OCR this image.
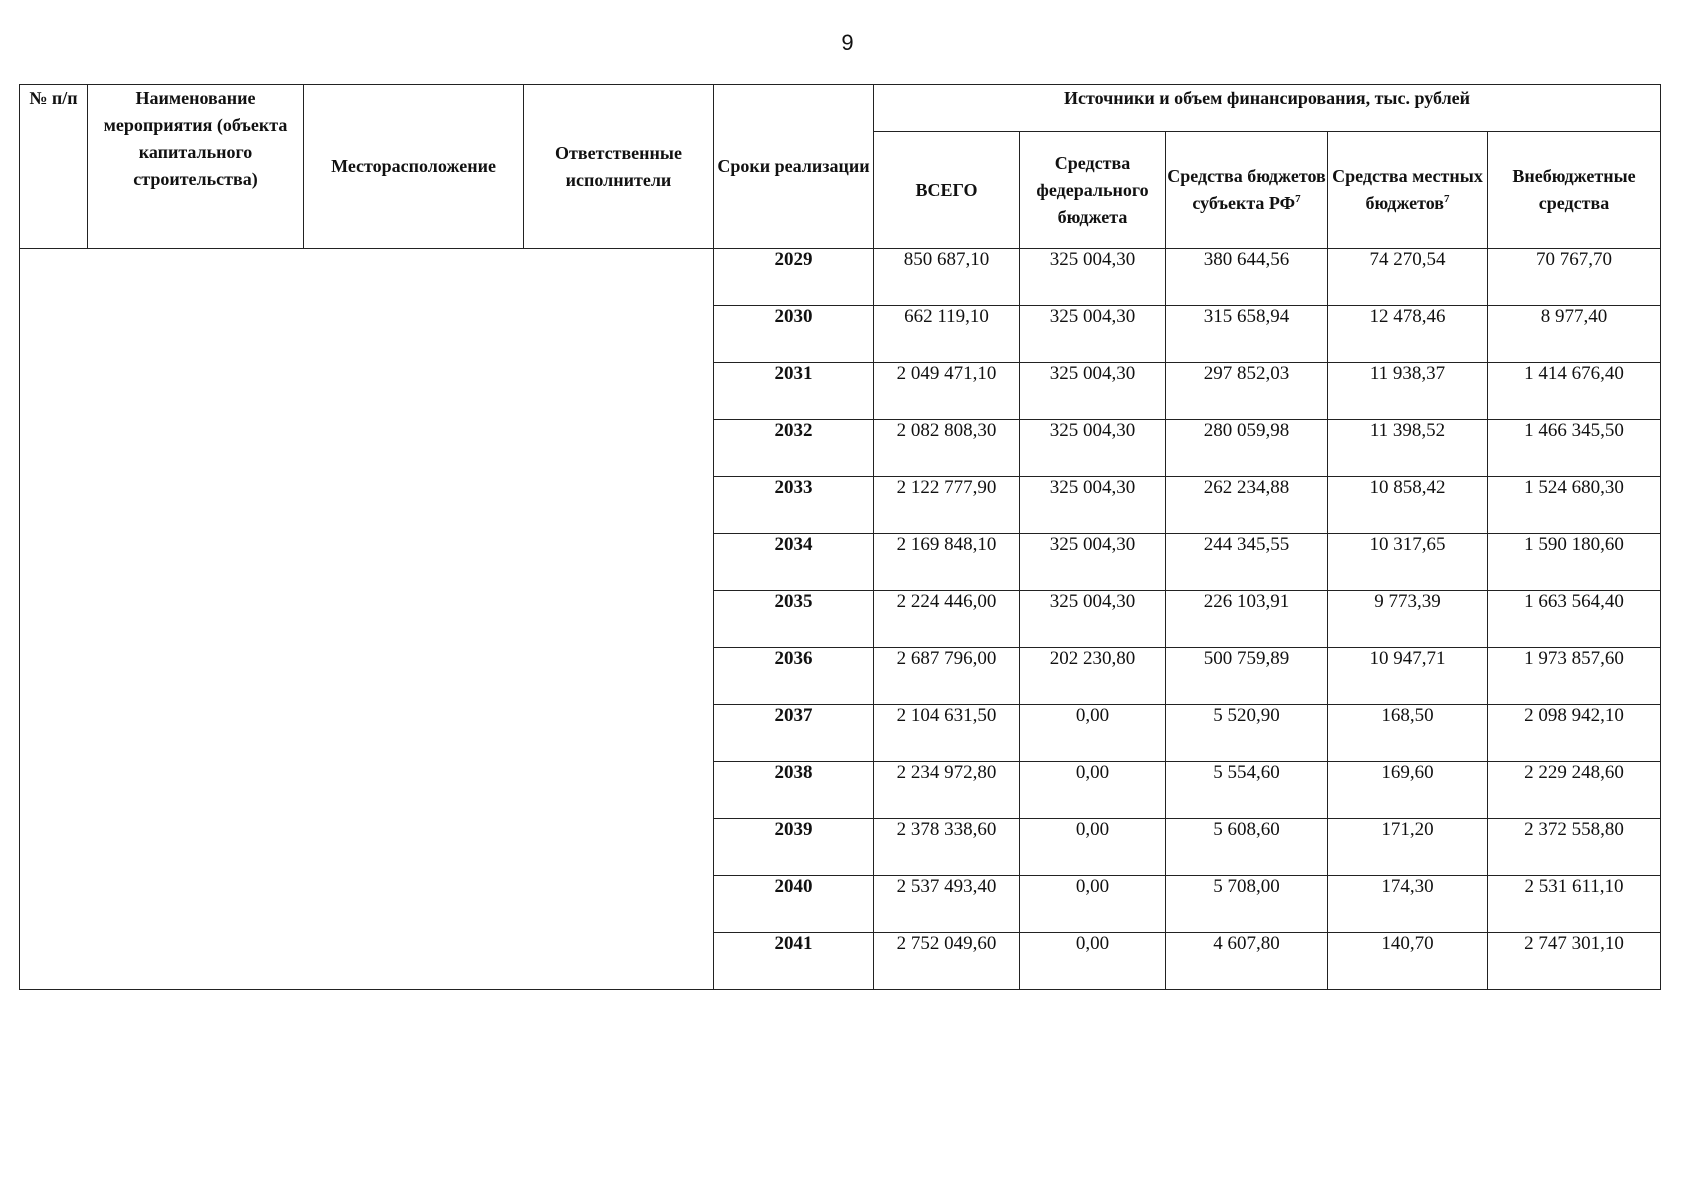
9
№ п/п	Наименование мероприятия (объекта капитального строительства)	Месторасположение	Ответственные исполнители	Сроки реализации	Источники и объем финансирования, тыс. рублей				
					ВСЕГО	Средства федерального бюджета	Средства бюджетов субъекта $РФ^7$	Средства местных бюджетов$^7$	Внебюджетные средства
				2029	850 687,10	325 004,30	380 644,56	74 270,54	70 767,70
				2030	662 119,10	325 004,30	315 658,94	12 478,46	8 977,40
				2031	2 049 471,10	325 004,30	297 852,03	11 938,37	1 414 676,40
				2032	2 082 808,30	325 004,30	280 059,98	11 398,52	1 466 345,50
				2033	2 122 777,90	325 004,30	262 234,88	10 858,42	1 524 680,30
				2034	2 169 848,10	325 004,30	244 345,55	10 317,65	1 590 180,60
				2035	2 224 446,00	325 004,30	226 103,91	9 773,39	1 663 564,40
				2036	2 687 796,00	202 230,80	500 759,89	10 947,71	1 973 857,60
				2037	2 104 631,50	0,00	5 520,90	168,50	2 098 942,10
				2038	2 234 972,80	0,00	5 554,60	169,60	2 229 248,60
				2039	2 378 338,60	0,00	5 608,60	171,20	2 372 558,80
				2040	2 537 493,40	0,00	5 708,00	174,30	2 531 611,10
				2041	2 752 049,60	0,00	4 607,80	140,70	2 747 301,10
